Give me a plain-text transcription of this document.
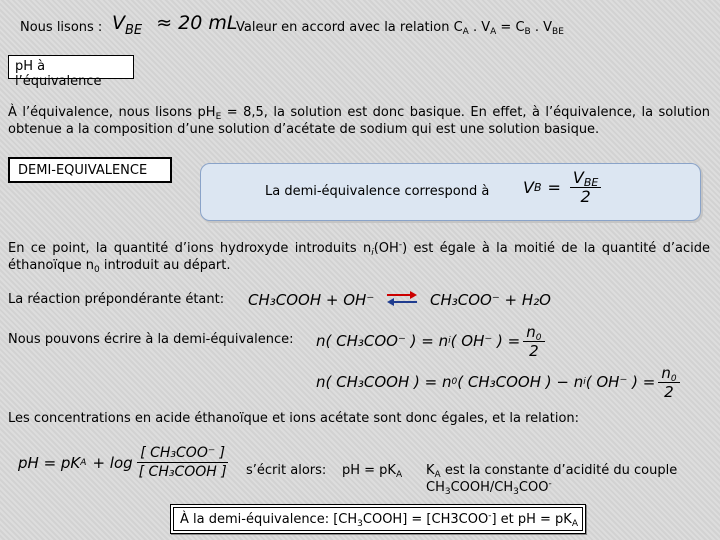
Nous lisons : $V_{BE} \approx 20$ mL
Valeur en accord avec la relation $C_A$ . $V_A = C_B$ . $V_{BE}$
pH à l’équivalence
À l’équivalence, nous lisons $pH_E = 8,5$, la solution est donc basique. En effet, à l’équivalence, la solution obtenue a la composition d’une solution d’acétate de sodium qui est une solution basique.
DEMI-EQUIVALENCE
La demi-équivalence correspond à V $B = \frac{V_{BE}}{2}$
En ce point, la quantité d’ions hydroxyde introduits $n_i(OH^-)$ est égale à la moitié de la quantité d’acide éthanoïque $n_0$ introduit au départ.
La réaction prépondérante étant: CH₃COOH + OH⁻ ⇌ CH₃COO⁻ + H₂O
Nous pouvons écrire à la demi-équivalence: n( CH₃COO⁻ ) = n i ( OH⁻ ) = $\frac{n_0}{2}$
n( CH₃COOH ) = n 0 ( CH₃COOH ) − n i ( OH⁻ ) = $\frac{n_0}{2}$
Les concentrations en acide éthanoïque et ions acétate sont donc égales, et la relation:
pH = pK $A + \log \frac{\text{[ CH₃COO⁻ ]}}{\text{[ CH₃COOH ]}}$ s’écrit alors: pH = $pK_A$ $K_A$ est la constante d’acidité du couple
$CH_3COOH/CH_3COO^-$
À la demi-équivalence: $[CH_3COOH] = [CH3COO^-]$ et pH = $pK_A$
